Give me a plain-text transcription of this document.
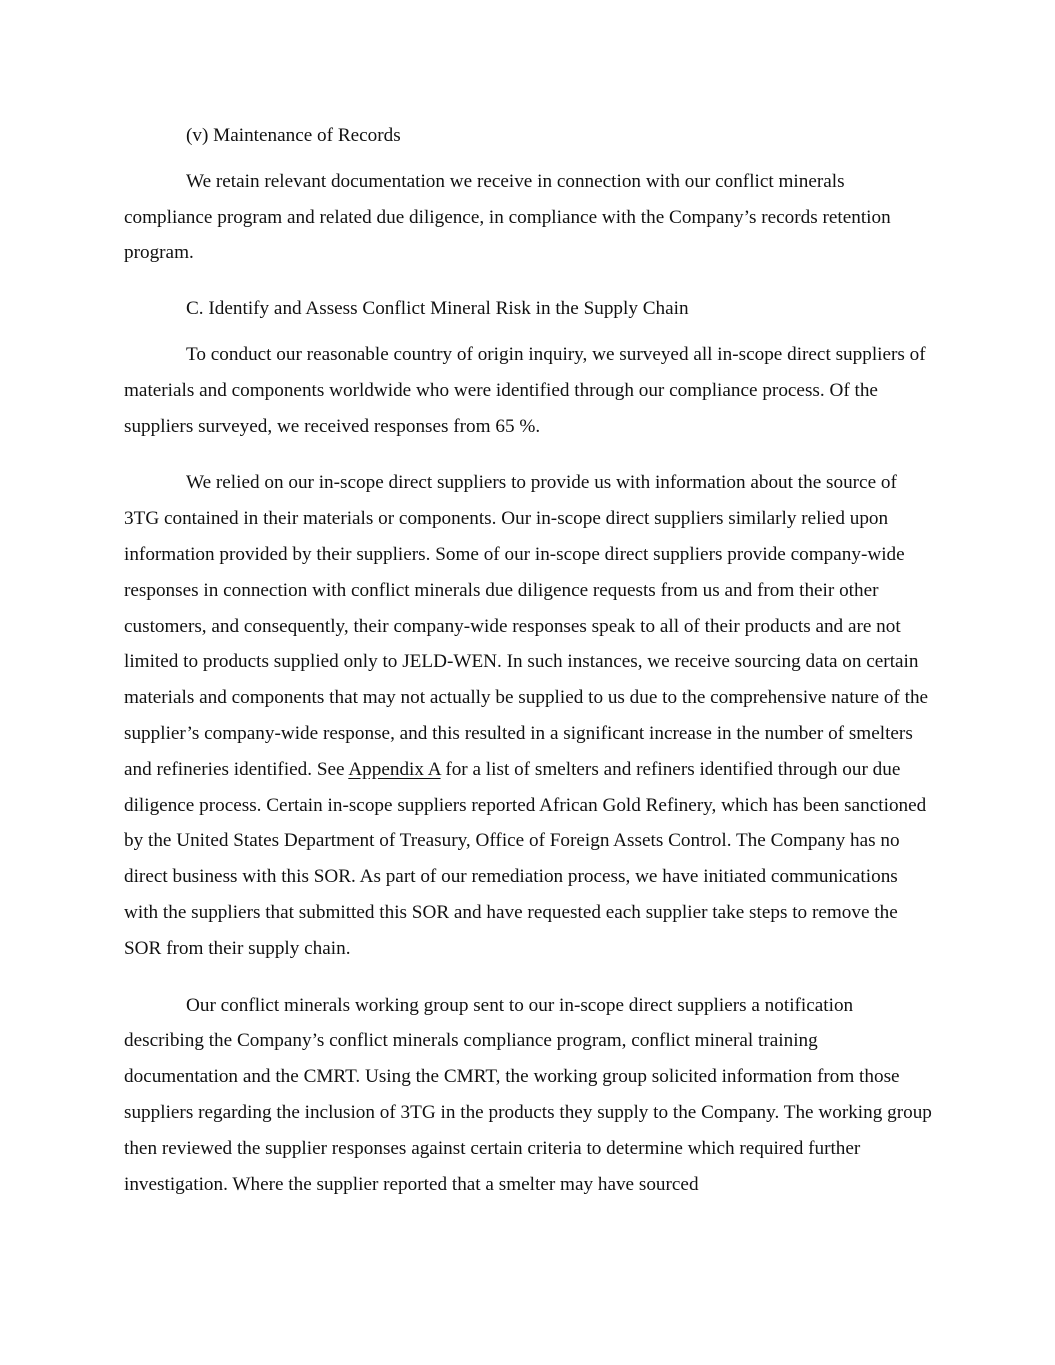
(v) Maintenance of Records

We retain relevant documentation we receive in connection with our conflict minerals compliance program and related due diligence, in compliance with the Company’s records retention program.

C. Identify and Assess Conflict Mineral Risk in the Supply Chain

To conduct our reasonable country of origin inquiry, we surveyed all in-scope direct suppliers of materials and components worldwide who were identified through our compliance process. Of the suppliers surveyed, we received responses from 65 %.

We relied on our in-scope direct suppliers to provide us with information about the source of 3TG contained in their materials or components. Our in-scope direct suppliers similarly relied upon information provided by their suppliers. Some of our in-scope direct suppliers provide company-wide responses in connection with conflict minerals due diligence requests from us and from their other customers, and consequently, their company-wide responses speak to all of their products and are not limited to products supplied only to JELD-WEN. In such instances, we receive sourcing data on certain materials and components that may not actually be supplied to us due to the comprehensive nature of the supplier’s company-wide response, and this resulted in a significant increase in the number of smelters and refineries identified. See Appendix A for a list of smelters and refiners identified through our due diligence process. Certain in-scope suppliers reported African Gold Refinery, which has been sanctioned by the United States Department of Treasury, Office of Foreign Assets Control. The Company has no direct business with this SOR. As part of our remediation process, we have initiated communications with the suppliers that submitted this SOR and have requested each supplier take steps to remove the SOR from their supply chain.

Our conflict minerals working group sent to our in-scope direct suppliers a notification describing the Company’s conflict minerals compliance program, conflict mineral training documentation and the CMRT. Using the CMRT, the working group solicited information from those suppliers regarding the inclusion of 3TG in the products they supply to the Company. The working group then reviewed the supplier responses against certain criteria to determine which required further investigation. Where the supplier reported that a smelter may have sourced
